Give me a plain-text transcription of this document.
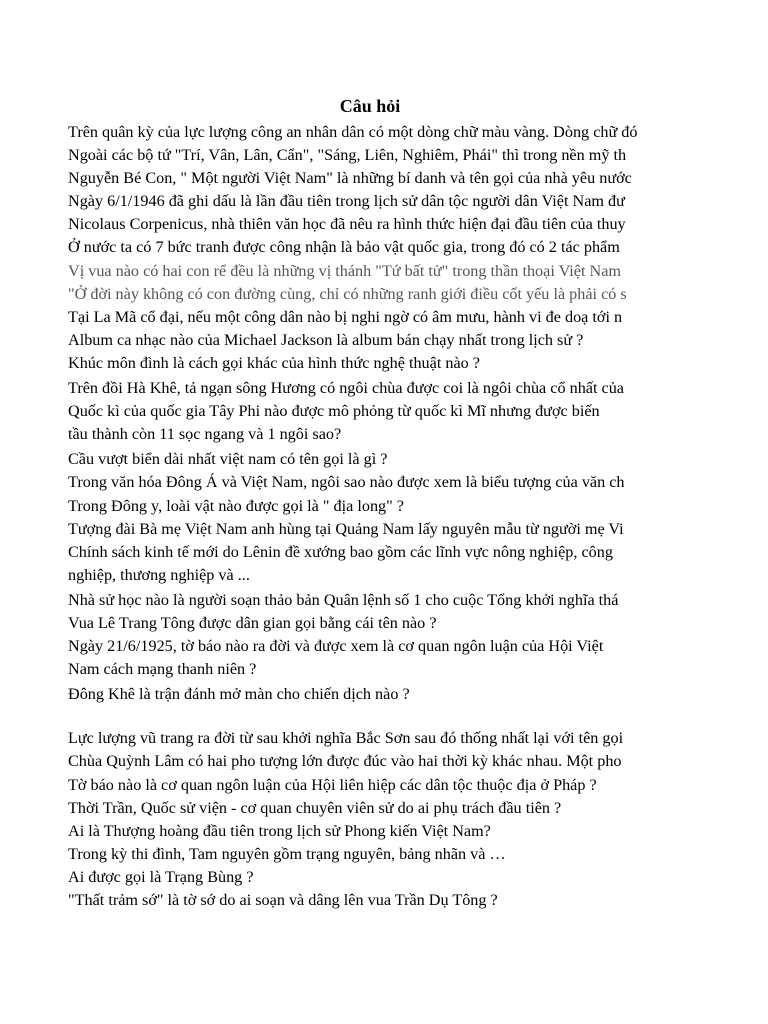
Câu hỏi
Trên quân kỳ của lực lượng công an nhân dân có một dòng chữ màu vàng. Dòng chữ đó
Ngoài các bộ tứ "Trí, Vân, Lân, Cẩn", "Sáng, Liên, Nghiêm, Phái" thì trong nền mỹ th
Nguyễn Bé Con, " Một người Việt Nam" là những bí danh và tên gọi của nhà yêu nước
Ngày 6/1/1946 đã ghi dấu là lần đầu tiên trong lịch sử dân tộc người dân Việt Nam đư
Nicolaus Corpenicus, nhà thiên văn học đã nêu ra hình thức hiện đại đầu tiên của thuy
Ở nước ta có 7 bức tranh được công nhận là bảo vật quốc gia, trong đó có 2 tác phẩm
Vị vua nào có hai con rể đều là những vị thánh "Tứ bất tử" trong thần thoại Việt Nam
"Ở đời này không có con đường cùng, chỉ có những ranh giới điều cốt yếu là phải có s
Tại La Mã cổ đại, nếu một công dân nào bị nghi ngờ có âm mưu, hành vi đe doạ tới n
Album ca nhạc nào của Michael Jackson là album bán chạy nhất trong lịch sử ?
Khúc môn đình là cách gọi khác của hình thức nghệ thuật nào ?
Trên đồi Hà Khê, tả ngạn sông Hương có ngôi chùa được coi là ngôi chùa cổ nhất của
Quốc kì của quốc gia Tây Phi nào được mô phỏng từ quốc kì Mĩ nhưng được biến
tầu thành còn 11 sọc ngang và 1 ngôi sao?
Cầu vượt biển dài nhất việt nam có tên gọi là gì ?
Trong văn hóa Đông Á và Việt Nam, ngôi sao nào được xem là biểu tượng của văn ch
Trong Đông y, loài vật nào được gọi là " địa long" ?
Tượng đài Bà mẹ Việt Nam anh hùng tại Quảng Nam lấy nguyên mẫu từ người mẹ Vi
Chính sách kinh tế mới do Lênin đề xướng bao gồm các lĩnh vực nông nghiệp, công
nghiệp, thương nghiệp và ...
Nhà sử học nào là người soạn thảo bản Quân lệnh số 1 cho cuộc Tổng khởi nghĩa thá
Vua Lê Trang Tông được dân gian gọi bằng cái tên nào ?
Ngày 21/6/1925, tờ báo nào ra đời và được xem là cơ quan ngôn luận của Hội Việt
Nam cách mạng thanh niên ?
Đông Khê là trận đánh mở màn cho chiến dịch nào ?
Lực lượng vũ trang ra đời từ sau khởi nghĩa Bắc Sơn sau đó thống nhất lại với tên gọi
Chùa Quỳnh Lâm có hai pho tượng lớn được đúc vào hai thời kỳ khác nhau. Một pho
Tờ báo nào là cơ quan ngôn luận của Hội liên hiệp các dân tộc thuộc địa ở Pháp ?
Thời Trần, Quốc sử viện - cơ quan chuyên viên sử do ai phụ trách đầu tiên ?
Ai là Thượng hoàng đầu tiên trong lịch sử Phong kiến Việt Nam?
Trong kỳ thi đình, Tam nguyên gồm trạng nguyên, bảng nhãn và …
Ai được gọi là Trạng Bùng ?
"Thất trảm sớ" là tờ sớ do ai soạn và dâng lên vua Trần Dụ Tông ?
